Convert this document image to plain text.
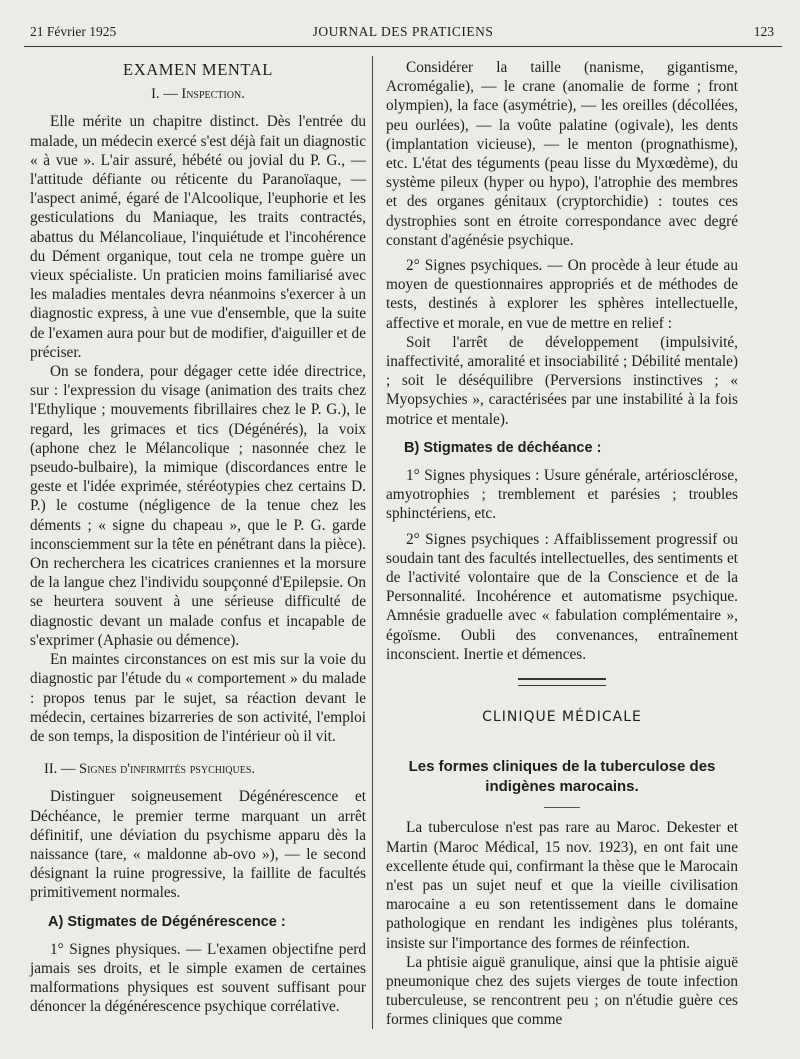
21 Février 1925	JOURNAL DES PRATICIENS	123
EXAMEN MENTAL
I. — Inspection.

Elle mérite un chapitre distinct. Dès l'entrée du malade, un médecin exercé s'est déjà fait un diagnostic « à vue ». L'air assuré, hébété ou jovial du P. G., — l'attitude défiante ou réticente du Paranoïaque, — l'aspect animé, égaré de l'Alcoolique, l'euphorie et les gesticulations du Maniaque, les traits contractés, abattus du Mélancoliaue, l'inquiétude et l'incohérence du Dément organique, tout cela ne trompe guère un vieux spécialiste. Un praticien moins familiarisé avec les maladies mentales devra néanmoins s'exercer à un diagnostic express, à une vue d'ensemble, que la suite de l'examen aura pour but de modifier, d'aiguiller et de préciser.

On se fondera, pour dégager cette idée directrice, sur : l'expression du visage (animation des traits chez l'Ethylique ; mouvements fibrillaires chez le P. G.), le regard, les grimaces et tics (Dégénérés), la voix (aphone chez le Mélancolique ; nasonnée chez le pseudo-bulbaire), la mimique (discordances entre le geste et l'idée exprimée, stéréotypies chez certains D. P.) le costume (négligence de la tenue chez les déments ; « signe du chapeau », que le P. G. garde inconsciemment sur la tête en pénétrant dans la pièce). On recherchera les cicatrices craniennes et la morsure de la langue chez l'individu soupçonné d'Epilepsie. On se heurtera souvent à une sérieuse difficulté de diagnostic devant un malade confus et incapable de s'exprimer (Aphasie ou démence).

En maintes circonstances on est mis sur la voie du diagnostic par l'étude du « comportement » du malade : propos tenus par le sujet, sa réaction devant le médecin, certaines bizarreries de son activité, l'emploi de son temps, la disposition de l'intérieur où il vit.

II. — Signes d'infirmités psychiques.

Distinguer soigneusement Dégénérescence et Déchéance, le premier terme marquant un arrêt définitif, une déviation du psychisme apparu dès la naissance (tare, « maldonne ab-ovo »), — le second désignant la ruine progressive, la faillite de facultés primitivement normales.

A) Stigmates de Dégénérescence :

1° Signes physiques. — L'examen objectifne perd jamais ses droits, et le simple examen de certaines malformations physiques est souvent suffisant pour dénoncer la dégénérescence psychique corrélative.

Considérer la taille (nanisme, gigantisme, Acromégalie), — le crane (anomalie de forme ; front olympien), la face (asymétrie), — les oreilles (décollées, peu ourlées), — la voûte palatine (ogivale), les dents (implantation vicieuse), — le menton (prognathisme), etc. L'état des téguments (peau lisse du Myxœdème), du système pileux (hyper ou hypo), l'atrophie des membres et des organes génitaux (cryptorchidie) : toutes ces dystrophies sont en étroite correspondance avec degré constant d'agénésie psychique.

2° Signes psychiques. — On procède à leur étude au moyen de questionnaires appropriés et de méthodes de tests, destinés à explorer les sphères intellectuelle, affective et morale, en vue de mettre en relief :

Soit l'arrêt de développement (impulsivité, inaffectivité, amoralité et insociabilité ; Débilité mentale) ; soit le déséquilibre (Perversions instinctives ; « Myopsychies », caractérisées par une instabilité à la fois motrice et mentale).

B) Stigmates de déchéance :

1° Signes physiques : Usure générale, artériosclérose, amyotrophies ; tremblement et parésies ; troubles sphinctériens, etc.

2° Signes psychiques : Affaiblissement progressif ou soudain tant des facultés intellectuelles, des sentiments et de l'activité volontaire que de la Conscience et de la Personnalité. Incohérence et automatisme psychique. Amnésie graduelle avec « fabulation complémentaire », égoïsme. Oubli des convenances, entraînement inconscient. Inertie et démences.

CLINIQUE MÉDICALE
Les formes cliniques de la tuberculose des indigènes marocains.

La tuberculose n'est pas rare au Maroc. Dekester et Martin (Maroc Médical, 15 nov. 1923), en ont fait une excellente étude qui, confirmant la thèse que le Marocain n'est pas un sujet neuf et que la vieille civilisation marocaine a eu son retentissement dans le domaine pathologique en rendant les indigènes plus tolérants, insiste sur l'importance des formes de réinfection.

La phtisie aiguë granulique, ainsi que la phtisie aiguë pneumonique chez des sujets vierges de toute infection tuberculeuse, se rencontrent peu ; on n'étudie guère ces formes cliniques que comme
